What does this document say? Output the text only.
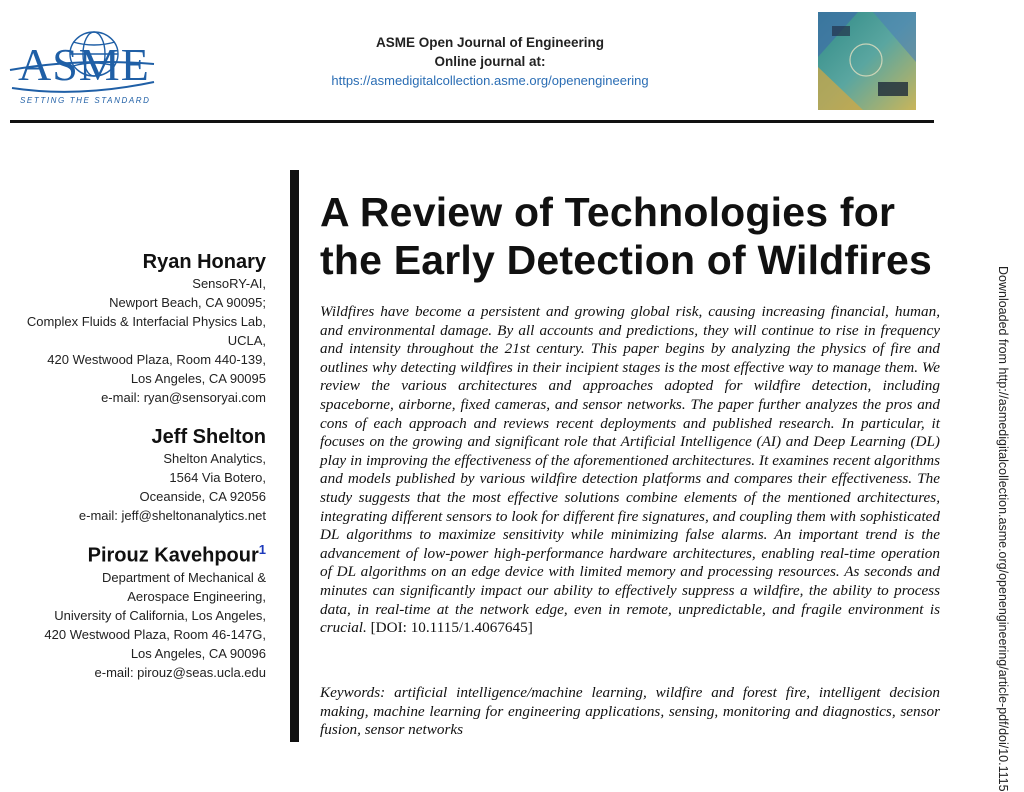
ASME
SETTING THE STANDARD
ASME Open Journal of Engineering
Online journal at:
https://asmedigitalcollection.asme.org/openengineering
Ryan Honary
SensoRY-AI,
Newport Beach, CA 90095;
Complex Fluids & Interfacial Physics Lab,
UCLA,
420 Westwood Plaza, Room 440-139,
Los Angeles, CA 90095
e-mail: ryan@sensoryai.com
Jeff Shelton
Shelton Analytics,
1564 Via Botero,
Oceanside, CA 92056
e-mail: jeff@sheltonanalytics.net
Pirouz Kavehpour$^1$
Department of Mechanical &
Aerospace Engineering,
University of California, Los Angeles,
420 Westwood Plaza, Room 46-147G,
Los Angeles, CA 90096
e-mail: pirouz@seas.ucla.edu
A Review of Technologies for the Early Detection of Wildfires
Wildfires have become a persistent and growing global risk, causing increasing financial, human, and environmental damage. By all accounts and predictions, they will continue to rise in frequency and intensity throughout the 21st century. This paper begins by analyzing the physics of fire and outlines why detecting wildfires in their incipient stages is the most effective way to manage them. We review the various architectures and approaches adopted for wildfire detection, including spaceborne, airborne, fixed cameras, and sensor networks. The paper further analyzes the pros and cons of each approach and reviews recent deployments and published research. In particular, it focuses on the growing and significant role that Artificial Intelligence (AI) and Deep Learning (DL) play in improving the effectiveness of the aforementioned architectures. It examines recent algorithms and models published by various wildfire detection platforms and compares their effectiveness. The study suggests that the most effective solutions combine elements of the mentioned architectures, integrating different sensors to look for different fire signatures, and coupling them with sophisticated DL algorithms to maximize sensitivity while minimizing false alarms. An important trend is the advancement of low-power high-performance hardware architectures, enabling real-time operation of DL algorithms on an edge device with limited memory and processing resources. As seconds and minutes can significantly impact our ability to effectively suppress a wildfire, the ability to process data, in real-time at the network edge, even in remote, unpredictable, and fragile environment is crucial. [DOI: 10.1115/1.4067645]
Keywords: artificial intelligence/machine learning, wildfire and forest fire, intelligent decision making, machine learning for engineering applications, sensing, monitoring and diagnostics, sensor fusion, sensor networks	Downloaded from http://asmedigitalcollection.asme.org/openengineering/article-pdf/doi/10.1115
